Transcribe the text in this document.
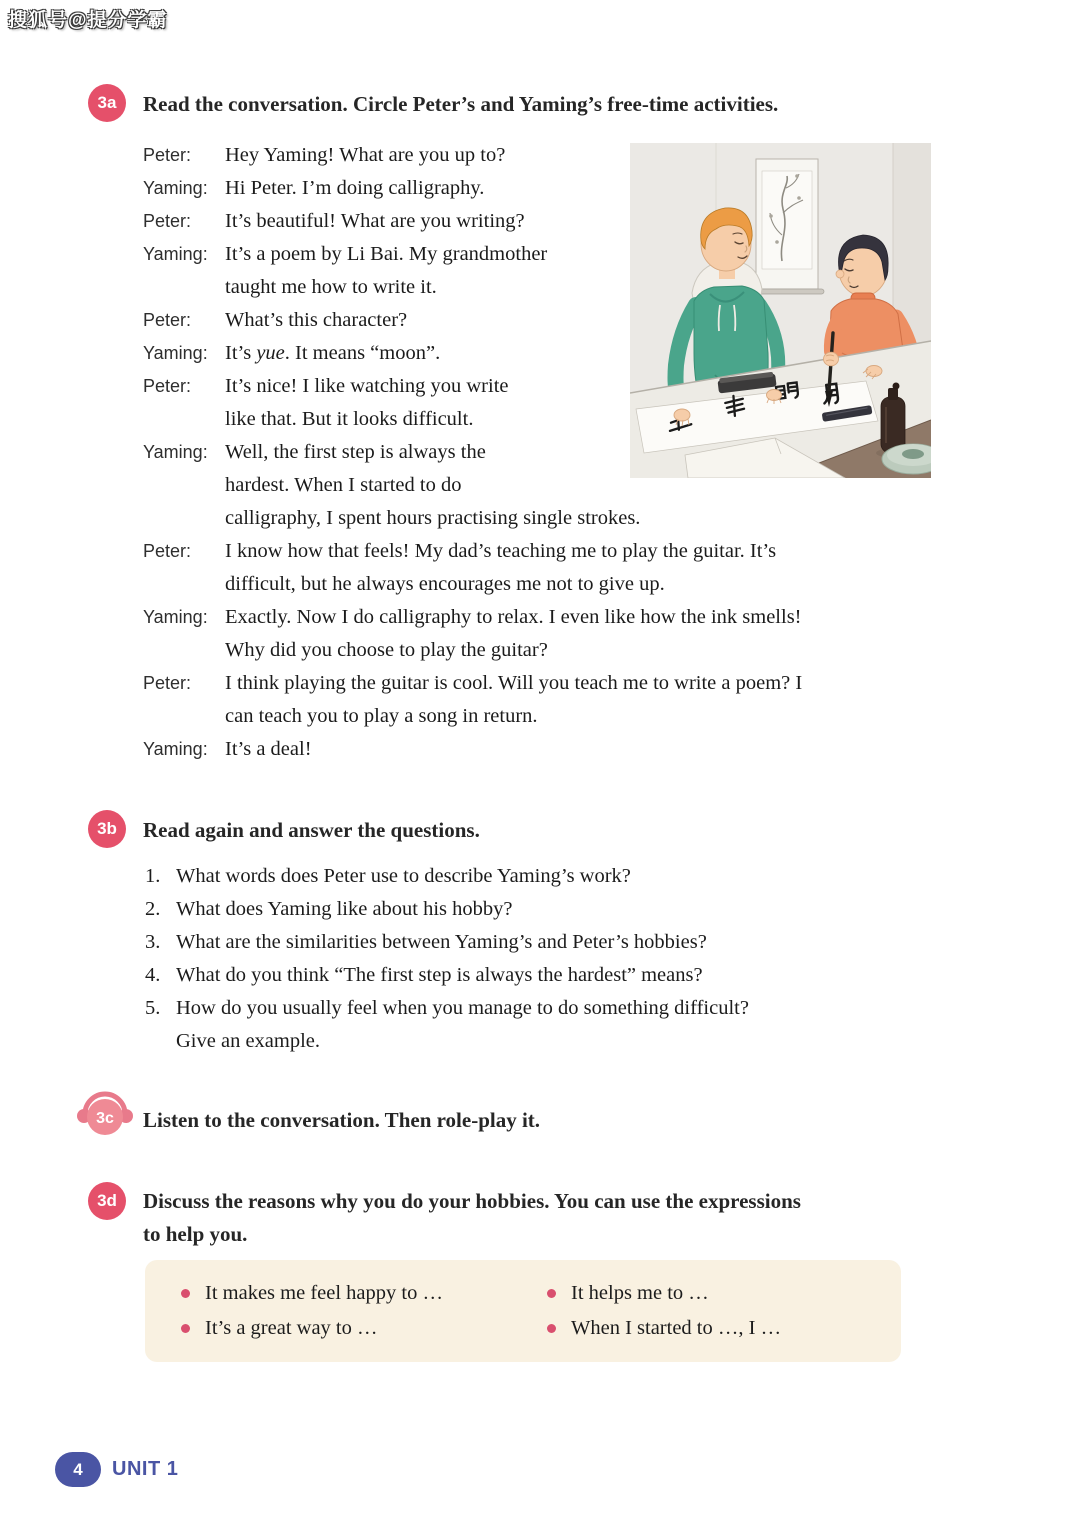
搜狐号@提分学霸
3a Read the conversation. Circle Peter’s and Yaming’s free-time activities.
Peter:	Hey Yaming! What are you up to?
Yaming: Hi Peter. I’m doing calligraphy.
Peter:	It’s beautiful! What are you writing?
Yaming: It’s a poem by Li Bai. My grandmother
taught me how to write it.
Peter:	What’s this character?
Yaming: It’s yue. It means “moon”.
Peter:	It’s nice! I like watching you write
like that. But it looks difficult.
Yaming: Well, the first step is always the
hardest. When I started to do
calligraphy, I spent hours practising single strokes.
Peter:	I know how that feels! My dad’s teaching me to play the guitar. It’s
difficult, but he always encourages me not to give up.
Yaming: Exactly. Now I do calligraphy to relax. I even like how the ink smells!
Why did you choose to play the guitar?
Peter:	I think playing the guitar is cool. Will you teach me to write a poem? I
can teach you to play a song in return.
Yaming: It’s a deal!
3b Read again and answer the questions.
1. What words does Peter use to describe Yaming’s work?
2. What does Yaming like about his hobby?
3. What are the similarities between Yaming’s and Peter’s hobbies?
4. What do you think “The first step is always the hardest” means?
5. How do you usually feel when you manage to do something difficult?
Give an example.
3c Listen to the conversation. Then role-play it.
3d Discuss the reasons why you do your hobbies. You can use the expressions
to help you.
It makes me feel happy to …
It’s a great way to …
It helps me to …
When I started to …, I …
4 UNIT 1
